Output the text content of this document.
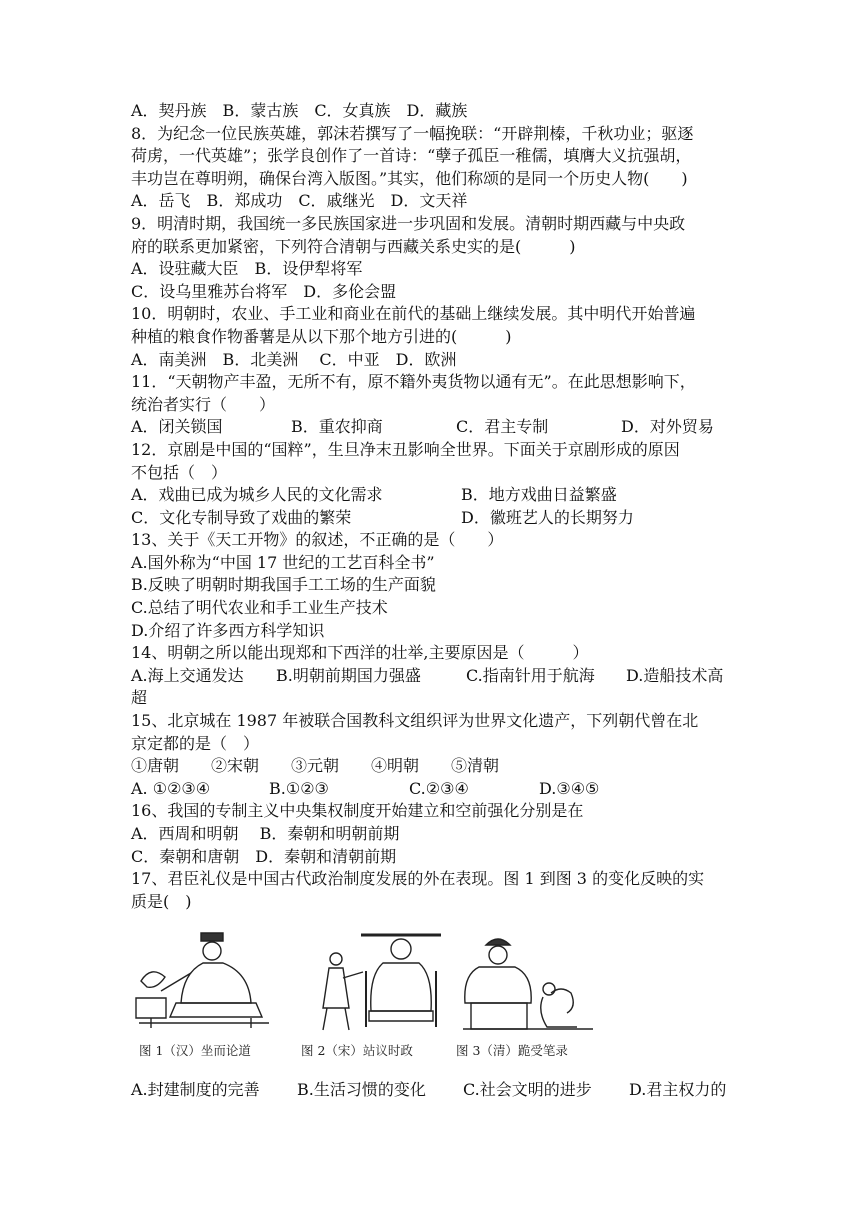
A．契丹族　B．蒙古族　C．女真族　D．藏族
8．为纪念一位民族英雄，郭沫若撰写了一幅挽联：“开辟荆榛，千秋功业；驱逐
荷虏，一代英雄”；张学良创作了一首诗：“孽子孤臣一稚儒，填膺大义抗强胡，
丰功岂在尊明朔，确保台湾入版图。”其实，他们称颂的是同一个历史人物(　　)
A．岳飞　B．郑成功　C．戚继光　D．文天祥
9．明清时期，我国统一多民族国家进一步巩固和发展。清朝时期西藏与中央政
府的联系更加紧密，下列符合清朝与西藏关系史实的是(　　　)
A．设驻藏大臣　B．设伊犁将军
C．设乌里雅苏台将军　D．多伦会盟
10．明朝时，农业、手工业和商业在前代的基础上继续发展。其中明代开始普遍
种植的粮食作物番薯是从以下那个地方引进的(　　　)
A．南美洲　B．北美洲　 C．中亚　D．欧洲
11．“天朝物产丰盈，无所不有，原不籍外夷货物以通有无”。在此思想影响下，
统治者实行（　　）
A．闭关锁国	B．重农抑商	C．君主专制	D．对外贸易
12．京剧是中国的“国粹”，生旦净末丑影响全世界。下面关于京剧形成的原因
不包括（　）
A．戏曲已成为城乡人民的文化需求	B．地方戏曲日益繁盛
C．文化专制导致了戏曲的繁荣	D．徽班艺人的长期努力
13、关于《天工开物》的叙述，不正确的是（　　）
A.国外称为“中国 17 世纪的工艺百科全书”
B.反映了明朝时期我国手工工场的生产面貌
C.总结了明代农业和手工业生产技术
D.介绍了许多西方科学知识
14、明朝之所以能出现郑和下西洋的壮举,主要原因是（　　　）
A.海上交通发达	B.明朝前期国力强盛	C.指南针用于航海	D.造船技术高
超
15、北京城在 1987 年被联合国教科文组织评为世界文化遗产，下列朝代曾在北
京定都的是（　）
①唐朝　　②宋朝　　③元朝　　④明朝　　⑤清朝
A. ①②③④	B.①②③	C.②③④	D.③④⑤
16、我国的专制主义中央集权制度开始建立和空前强化分别是在
A．西周和明朝　 B．秦朝和明朝前期
C．秦朝和唐朝　D．秦朝和清朝前期
17、君臣礼仪是中国古代政治制度发展的外在表现。图 1 到图 3 的变化反映的实
质是(　)
图 1（汉）坐而论道	图 2（宋）站议时政	图 3（清）跪受笔录
A.封建制度的完善	B.生活习惯的变化	C.社会文明的进步	D.君主权力的
